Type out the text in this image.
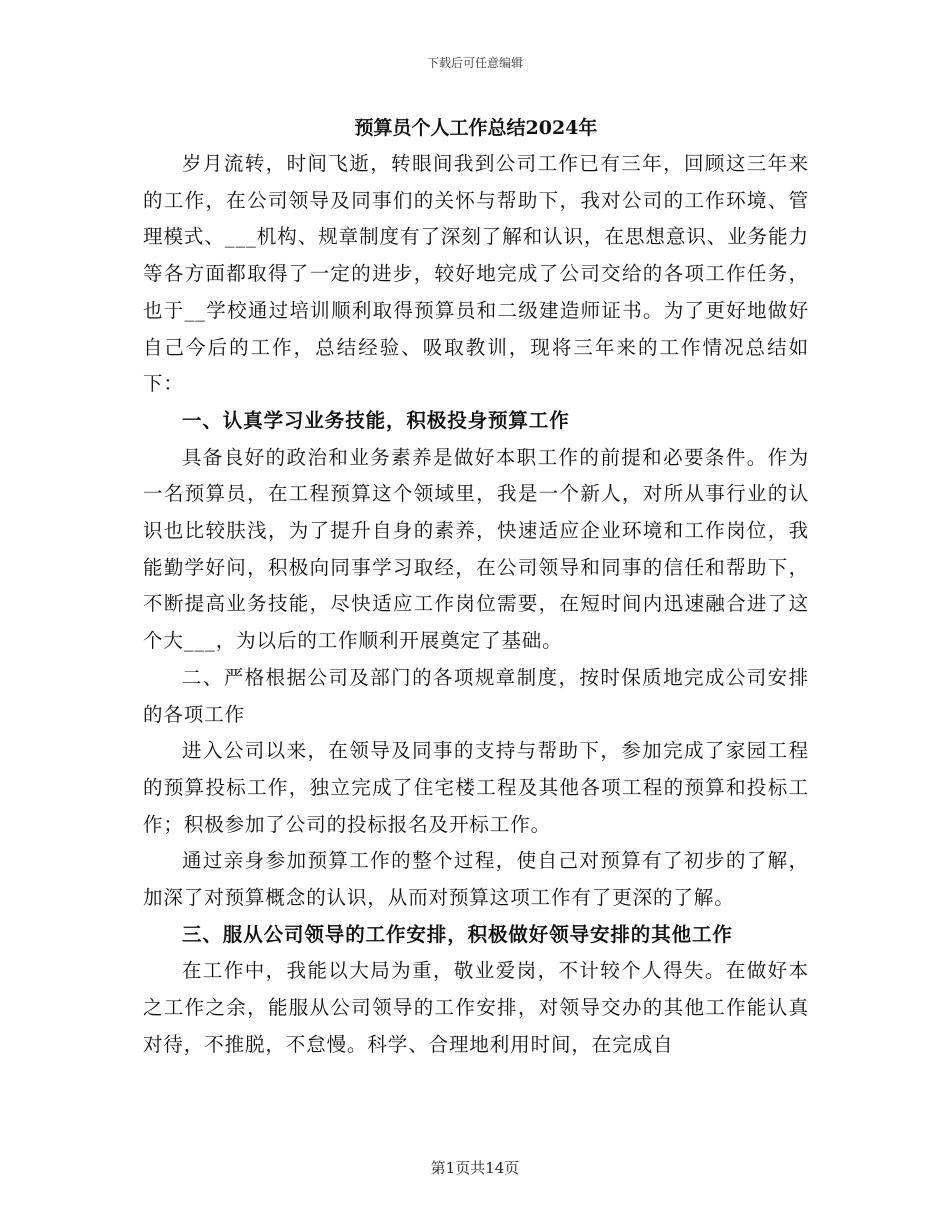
下载后可任意编辑
预算员个人工作总结2024年

岁月流转，时间飞逝，转眼间我到公司工作已有三年，回顾这三年来的工作，在公司领导及同事们的关怀与帮助下，我对公司的工作环境、管理模式、___机构、规章制度有了深刻了解和认识，在思想意识、业务能力等各方面都取得了一定的进步，较好地完成了公司交给的各项工作任务，也于__学校通过培训顺利取得预算员和二级建造师证书。为了更好地做好自己今后的工作，总结经验、吸取教训，现将三年来的工作情况总结如下：

一、认真学习业务技能，积极投身预算工作

具备良好的政治和业务素养是做好本职工作的前提和必要条件。作为一名预算员，在工程预算这个领域里，我是一个新人，对所从事行业的认识也比较肤浅，为了提升自身的素养，快速适应企业环境和工作岗位，我能勤学好问，积极向同事学习取经，在公司领导和同事的信任和帮助下，不断提高业务技能，尽快适应工作岗位需要，在短时间内迅速融合进了这个大___，为以后的工作顺利开展奠定了基础。

二、严格根据公司及部门的各项规章制度，按时保质地完成公司安排的各项工作

进入公司以来，在领导及同事的支持与帮助下，参加完成了家园工程的预算投标工作，独立完成了住宅楼工程及其他各项工程的预算和投标工作；积极参加了公司的投标报名及开标工作。

通过亲身参加预算工作的整个过程，使自己对预算有了初步的了解，加深了对预算概念的认识，从而对预算这项工作有了更深的了解。

三、服从公司领导的工作安排，积极做好领导安排的其他工作

在工作中，我能以大局为重，敬业爱岗，不计较个人得失。在做好本之工作之余，能服从公司领导的工作安排，对领导交办的其他工作能认真对待，不推脱，不怠慢。科学、合理地利用时间，在完成自

第1页共14页
